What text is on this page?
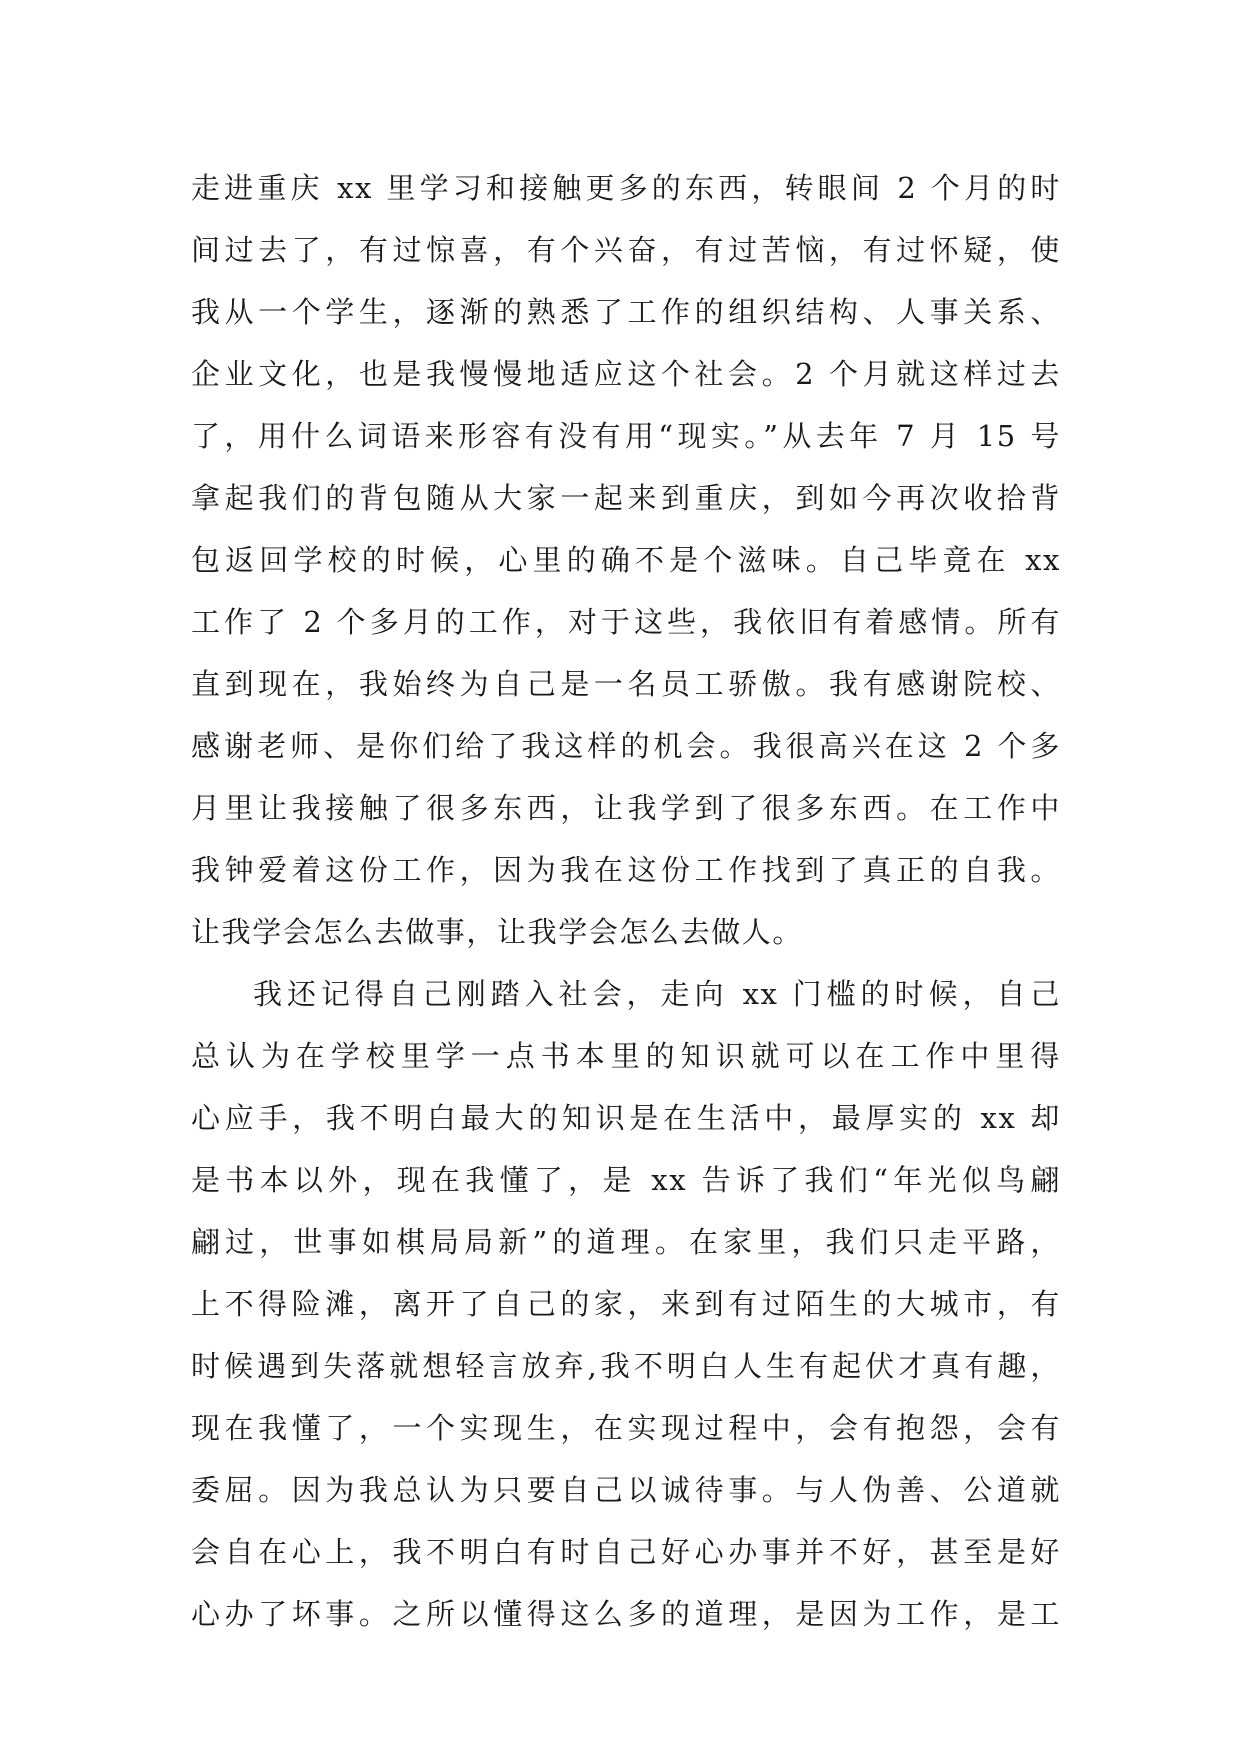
走进重庆 xx 里学习和接触更多的东西，转眼间 2 个月的时
间过去了，有过惊喜，有个兴奋，有过苦恼，有过怀疑，使
我从一个学生，逐渐的熟悉了工作的组织结构、人事关系、
企业文化，也是我慢慢地适应这个社会。2 个月就这样过去
了，用什么词语来形容有没有用“现实。”从去年 7 月 15 号
拿起我们的背包随从大家一起来到重庆，到如今再次收拾背
包返回学校的时候，心里的确不是个滋味。自己毕竟在 xx
工作了 2 个多月的工作，对于这些，我依旧有着感情。所有
直到现在，我始终为自己是一名员工骄傲。我有感谢院校、
感谢老师、是你们给了我这样的机会。我很高兴在这 2 个多
月里让我接触了很多东西，让我学到了很多东西。在工作中
我钟爱着这份工作，因为我在这份工作找到了真正的自我。
让我学会怎么去做事，让我学会怎么去做人。
我还记得自己刚踏入社会，走向 xx 门槛的时候，自己
总认为在学校里学一点书本里的知识就可以在工作中里得
心应手，我不明白最大的知识是在生活中，最厚实的 xx 却
是书本以外，现在我懂了，是 xx 告诉了我们“年光似鸟翩
翩过，世事如棋局局新”的道理。在家里，我们只走平路，
上不得险滩，离开了自己的家，来到有过陌生的大城市，有
时候遇到失落就想轻言放弃,我不明白人生有起伏才真有趣，
现在我懂了，一个实现生，在实现过程中，会有抱怨，会有
委屈。因为我总认为只要自己以诚待事。与人伪善、公道就
会自在心上，我不明白有时自己好心办事并不好，甚至是好
心办了坏事。之所以懂得这么多的道理，是因为工作，是工
